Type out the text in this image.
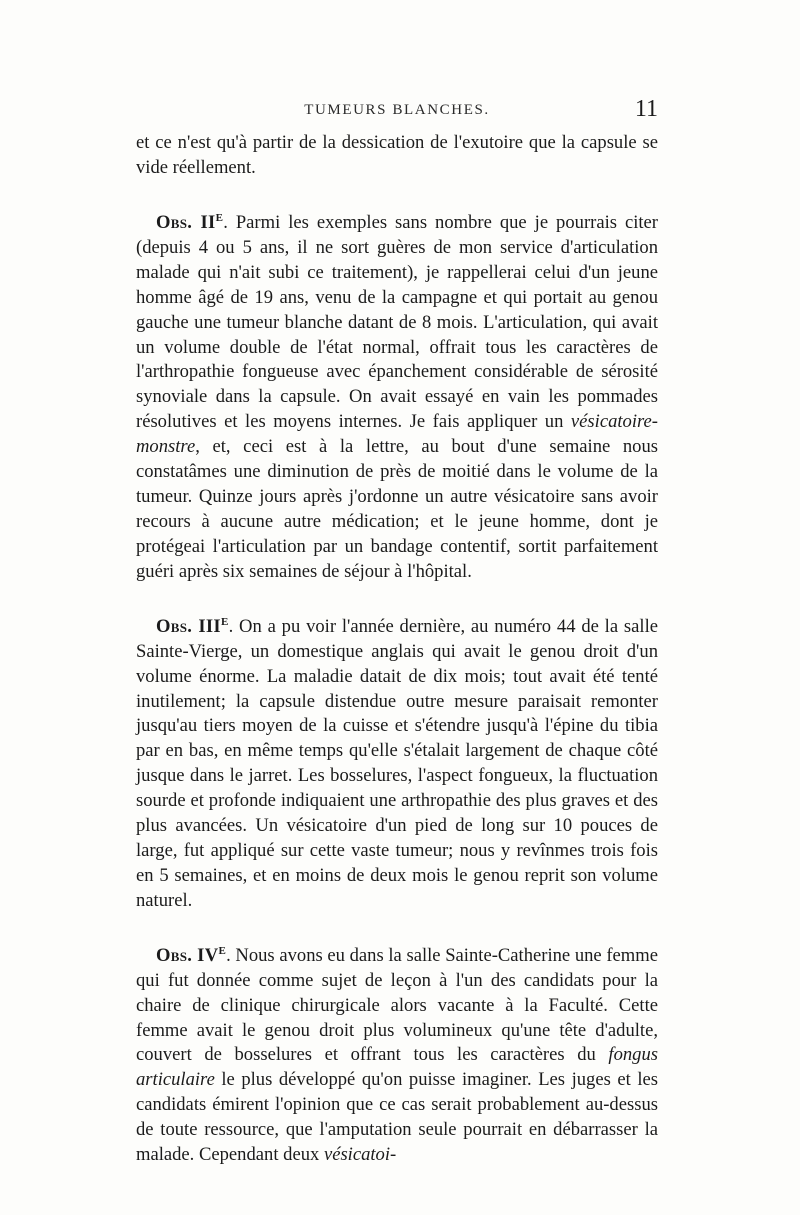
TUMEURS BLANCHES.	11

et ce n'est qu'à partir de la dessication de l'exutoire que la capsule se vide réellement.

Obs. IIe. Parmi les exemples sans nombre que je pourrais citer (depuis 4 ou 5 ans, il ne sort guères de mon service d'articulation malade qui n'ait subi ce traitement), je rappellerai celui d'un jeune homme âgé de 19 ans, venu de la campagne et qui portait au genou gauche une tumeur blanche datant de 8 mois. L'articulation, qui avait un volume double de l'état normal, offrait tous les caractères de l'arthropathie fongueuse avec épanchement considérable de sérosité synoviale dans la capsule. On avait essayé en vain les pommades résolutives et les moyens internes. Je fais appliquer un vésicatoire-monstre, et, ceci est à la lettre, au bout d'une semaine nous constatâmes une diminution de près de moitié dans le volume de la tumeur. Quinze jours après j'ordonne un autre vésicatoire sans avoir recours à aucune autre médication; et le jeune homme, dont je protégeai l'articulation par un bandage contentif, sortit parfaitement guéri après six semaines de séjour à l'hôpital.

Obs. IIIe. On a pu voir l'année dernière, au numéro 44 de la salle Sainte-Vierge, un domestique anglais qui avait le genou droit d'un volume énorme. La maladie datait de dix mois; tout avait été tenté inutilement; la capsule distendue outre mesure paraisait remonter jusqu'au tiers moyen de la cuisse et s'étendre jusqu'à l'épine du tibia par en bas, en même temps qu'elle s'étalait largement de chaque côté jusque dans le jarret. Les bosselures, l'aspect fongueux, la fluctuation sourde et profonde indiquaient une arthropathie des plus graves et des plus avancées. Un vésicatoire d'un pied de long sur 10 pouces de large, fut appliqué sur cette vaste tumeur; nous y revînmes trois fois en 5 semaines, et en moins de deux mois le genou reprit son volume naturel.

Obs. IVe. Nous avons eu dans la salle Sainte-Catherine une femme qui fut donnée comme sujet de leçon à l'un des candidats pour la chaire de clinique chirurgicale alors vacante à la Faculté. Cette femme avait le genou droit plus volumineux qu'une tête d'adulte, couvert de bosselures et offrant tous les caractères du fongus articulaire le plus développé qu'on puisse imaginer. Les juges et les candidats émirent l'opinion que ce cas serait probablement au-dessus de toute ressource, que l'amputation seule pourrait en débarrasser la malade. Cependant deux vésicatoi-
